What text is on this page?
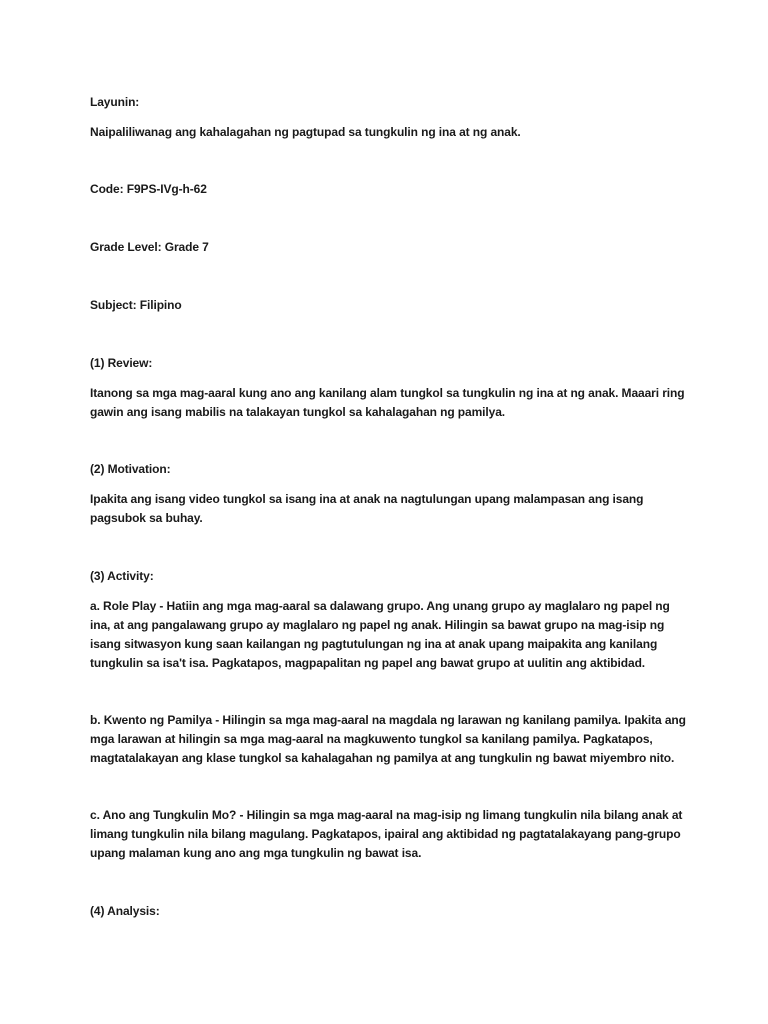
Layunin:

Naipaliliwanag ang kahalagahan ng pagtupad sa tungkulin ng ina at ng anak.

Code: F9PS-IVg-h-62

Grade Level: Grade 7

Subject: Filipino

(1) Review:

Itanong sa mga mag-aaral kung ano ang kanilang alam tungkol sa tungkulin ng ina at ng anak. Maaari ring gawin ang isang mabilis na talakayan tungkol sa kahalagahan ng pamilya.

(2) Motivation:

Ipakita ang isang video tungkol sa isang ina at anak na nagtulungan upang malampasan ang isang pagsubok sa buhay.

(3) Activity:

a. Role Play - Hatiin ang mga mag-aaral sa dalawang grupo. Ang unang grupo ay maglalaro ng papel ng ina, at ang pangalawang grupo ay maglalaro ng papel ng anak. Hilingin sa bawat grupo na mag-isip ng isang sitwasyon kung saan kailangan ng pagtutulungan ng ina at anak upang maipakita ang kanilang tungkulin sa isa't isa. Pagkatapos, magpapalitan ng papel ang bawat grupo at uulitin ang aktibidad.

b. Kwento ng Pamilya - Hilingin sa mga mag-aaral na magdala ng larawan ng kanilang pamilya. Ipakita ang mga larawan at hilingin sa mga mag-aaral na magkuwento tungkol sa kanilang pamilya. Pagkatapos, magtatalakayan ang klase tungkol sa kahalagahan ng pamilya at ang tungkulin ng bawat miyembro nito.

c. Ano ang Tungkulin Mo? - Hilingin sa mga mag-aaral na mag-isip ng limang tungkulin nila bilang anak at limang tungkulin nila bilang magulang. Pagkatapos, ipairal ang aktibidad ng pagtatalakayang pang-grupo upang malaman kung ano ang mga tungkulin ng bawat isa.

(4) Analysis:
